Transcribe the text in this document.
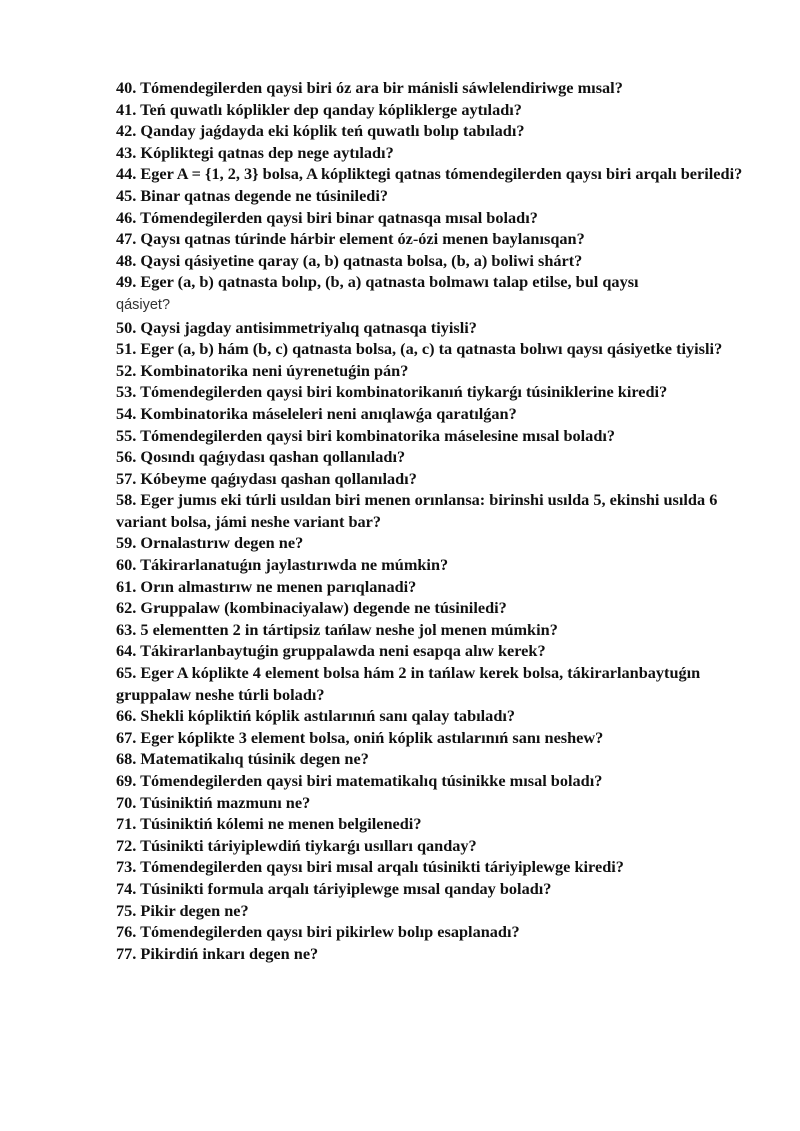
40. Tómendegilerden qaysi biri óz ara bir mánisli sáwlelendiriwge mısal?
41. Teń quwatlı kóplikler dep qanday kópliklerge aytıladı?
42. Qanday jaǵdayda eki kóplik teń quwatlı bolıp tabıladı?
43. Kópliktegi qatnas dep nege aytıladı?
44. Eger A = {1, 2, 3} bolsa, A kópliktegi qatnas tómendegilerden qaysı biri arqalı beriledi?
45. Binar qatnas degende ne túsiniledi?
46. Tómendegilerden qaysi biri binar qatnasqa mısal boladı?
47. Qaysı qatnas túrinde hárbir element óz-ózi menen baylanısqan?
48. Qaysi qásiyetine qaray (a, b) qatnasta bolsa, (b, a) boliwi shárt?
49. Eger (a, b) qatnasta bolıp, (b, a) qatnasta bolmawı talap etilse, bul qaysı
qásiyet?
50. Qaysi jagday antisimmetriyalıq qatnasqa tiyisli?
51. Eger (a, b) hám (b, c) qatnasta bolsa, (a, c) ta qatnasta bolıwı qaysı qásiyetke tiyisli?
52. Kombinatorika neni úyrenetuǵin pán?
53. Tómendegilerden qaysi biri kombinatorikanıń tiykarǵı túsiniklerine kiredi?
54. Kombinatorika máseleleri neni anıqlawǵa qaratılǵan?
55. Tómendegilerden qaysi biri kombinatorika máselesine mısal boladı?
56. Qosındı qaǵıydası qashan qollanıladı?
57. Kóbeyme qaǵıydası qashan qollanıladı?
58. Eger jumıs eki túrli usıldan biri menen orınlansa: birinshi usılda 5, ekinshi usılda 6 variant bolsa, jámi neshe variant bar?
59. Ornalastırıw degen ne?
60. Tákirarlanatuǵın jaylastırıwda ne múmkin?
61. Orın almastırıw ne menen parıqlanadi?
62. Gruppalaw (kombinaciyalaw) degende ne túsiniledi?
63. 5 elementten 2 in tártipsiz tańlaw neshe jol menen múmkin?
64. Tákirarlanbaytuǵin gruppalawda neni esapqa alıw kerek?
65. Eger A kóplikte 4 element bolsa hám 2 in tańlaw kerek bolsa, tákirarlanbaytuǵın gruppalaw neshe túrli boladı?
66. Shekli kópliktiń kóplik astılarınıń sanı qalay tabıladı?
67. Eger kóplikte 3 element bolsa, oniń kóplik astılarınıń sanı neshew?
68. Matematikalıq túsinik degen ne?
69. Tómendegilerden qaysi biri matematikalıq túsinikke mısal boladı?
70. Túsiniktiń mazmunı ne?
71. Túsiniktiń kólemi ne menen belgilenedi?
72. Túsinikti táriyiplewdiń tiykarǵı usılları qanday?
73. Tómendegilerden qaysı biri mısal arqalı túsinikti táriyiplewge kiredi?
74. Túsinikti formula arqalı táriyiplewge mısal qanday boladı?
75. Pikir degen ne?
76. Tómendegilerden qaysı biri pikirlew bolıp esaplanadı?
77. Pikirdiń inkarı degen ne?
